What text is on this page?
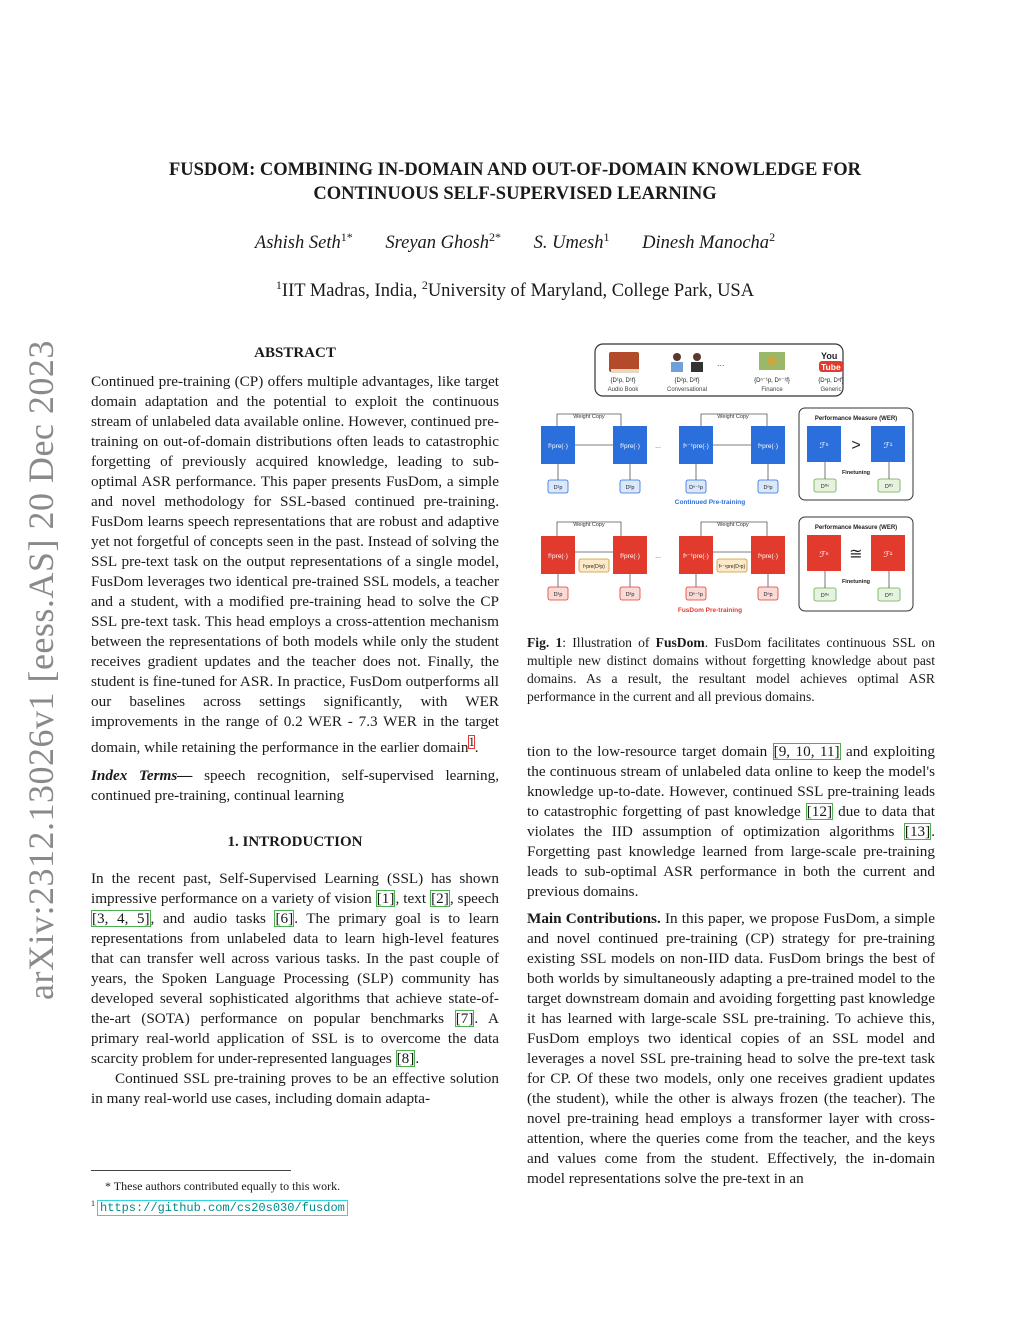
arXiv:2312.13026v1 [eess.AS] 20 Dec 2023
FUSDOM: COMBINING IN-DOMAIN AND OUT-OF-DOMAIN KNOWLEDGE FOR
CONTINUOUS SELF-SUPERVISED LEARNING
Ashish Seth$^{1*}$ Sreyan Ghosh$^{2*}$ S. Umesh$^1$ Dinesh Manocha$^2$
$^1$IIT Madras, India, $^2$University of Maryland, College Park, USA
ABSTRACT

Continued pre-training (CP) offers multiple advantages, like target domain adaptation and the potential to exploit the continuous stream of unlabeled data available online. However, continued pre-training on out-of-domain distributions often leads to catastrophic forgetting of previously acquired knowledge, leading to sub-optimal ASR performance. This paper presents FusDom, a simple and novel methodology for SSL-based continued pre-training. FusDom learns speech representations that are robust and adaptive yet not forgetful of concepts seen in the past. Instead of solving the SSL pre-text task on the output representations of a single model, FusDom leverages two identical pre-trained SSL models, a teacher and a student, with a modified pre-training head to solve the CP SSL pre-text task. This head employs a cross-attention mechanism between the representations of both models while only the student receives gradient updates and the teacher does not. Finally, the student is fine-tuned for ASR. In practice, FusDom outperforms all our baselines across settings significantly, with WER improvements in the range of 0.2 WER - 7.3 WER in the target domain, while retaining the performance in the earlier domain$^1$.

Index Terms— speech recognition, self-supervised learning, continued pre-training, continual learning

1. INTRODUCTION

In the recent past, Self-Supervised Learning (SSL) has shown impressive performance on a variety of vision [1], text [2], speech [3, 4, 5], and audio tasks [6]. The primary goal is to learn representations from unlabeled data to learn high-level features that can transfer well across various tasks. In the past couple of years, the Spoken Language Processing (SLP) community has developed several sophisticated algorithms that achieve state-of-the-art (SOTA) performance on popular benchmarks [7]. A primary real-world application of SSL is to overcome the data scarcity problem for under-represented languages [8].

Continued SSL pre-training proves to be an effective solution in many real-world use cases, including domain adapta-

* These authors contributed equally to this work.
$^1$ https://github.com/cs20s030/fusdom
...
You
Tube
{D¹p, D¹f}
Audio Book
{D²p, D²f}
Conversational
{Dⁿ⁻¹p, Dⁿ⁻¹f}
Finance
{Dⁿp, Dⁿf}
Generic
Weight Copy	Weight Copy
f¹pre(·)	f²pre(·)	fⁿ⁻¹pre(·)	fⁿpre(·)
...
D¹p	D²p	Dⁿ⁻¹p	Dⁿp
Continued Pre-training
Performance Measure (WER)
ℱⁿ	ℱ¹
>
Finetuning
Dᶠᵗⁿ	Dᶠᵗ¹
Weight Copy	Weight Copy
f¹pre(·)	f²pre(·)	fⁿ⁻¹pre(·)	fⁿpre(·)
f¹pre(D²p)	fⁿ⁻¹pre(Dⁿp)
...
D¹p	D²p	Dⁿ⁻¹p	Dⁿp
FusDom Pre-training
Performance Measure (WER)
ℱⁿ	ℱ¹
≅
Finetuning
Dᶠᵗⁿ	Dᶠᵗ¹

Fig. 1: Illustration of FusDom. FusDom facilitates continuous SSL on multiple new distinct domains without forgetting knowledge about past domains. As a result, the resultant model achieves optimal ASR performance in the current and all previous domains.

tion to the low-resource target domain [9, 10, 11] and exploiting the continuous stream of unlabeled data online to keep the model's knowledge up-to-date. However, continued SSL pre-training leads to catastrophic forgetting of past knowledge [12] due to data that violates the IID assumption of optimization algorithms [13]. Forgetting past knowledge learned from large-scale pre-training leads to sub-optimal ASR performance in both the current and previous domains.

Main Contributions. In this paper, we propose FusDom, a simple and novel continued pre-training (CP) strategy for pre-training existing SSL models on non-IID data. FusDom brings the best of both worlds by simultaneously adapting a pre-trained model to the target downstream domain and avoiding forgetting past knowledge it has learned with large-scale SSL pre-training. To achieve this, FusDom employs two identical copies of an SSL model and leverages a novel SSL pre-training head to solve the pre-text task for CP. Of these two models, only one receives gradient updates (the student), while the other is always frozen (the teacher). The novel pre-training head employs a transformer layer with cross-attention, where the queries come from the teacher, and the keys and values come from the student. Effectively, the in-domain model representations solve the pre-text in an
